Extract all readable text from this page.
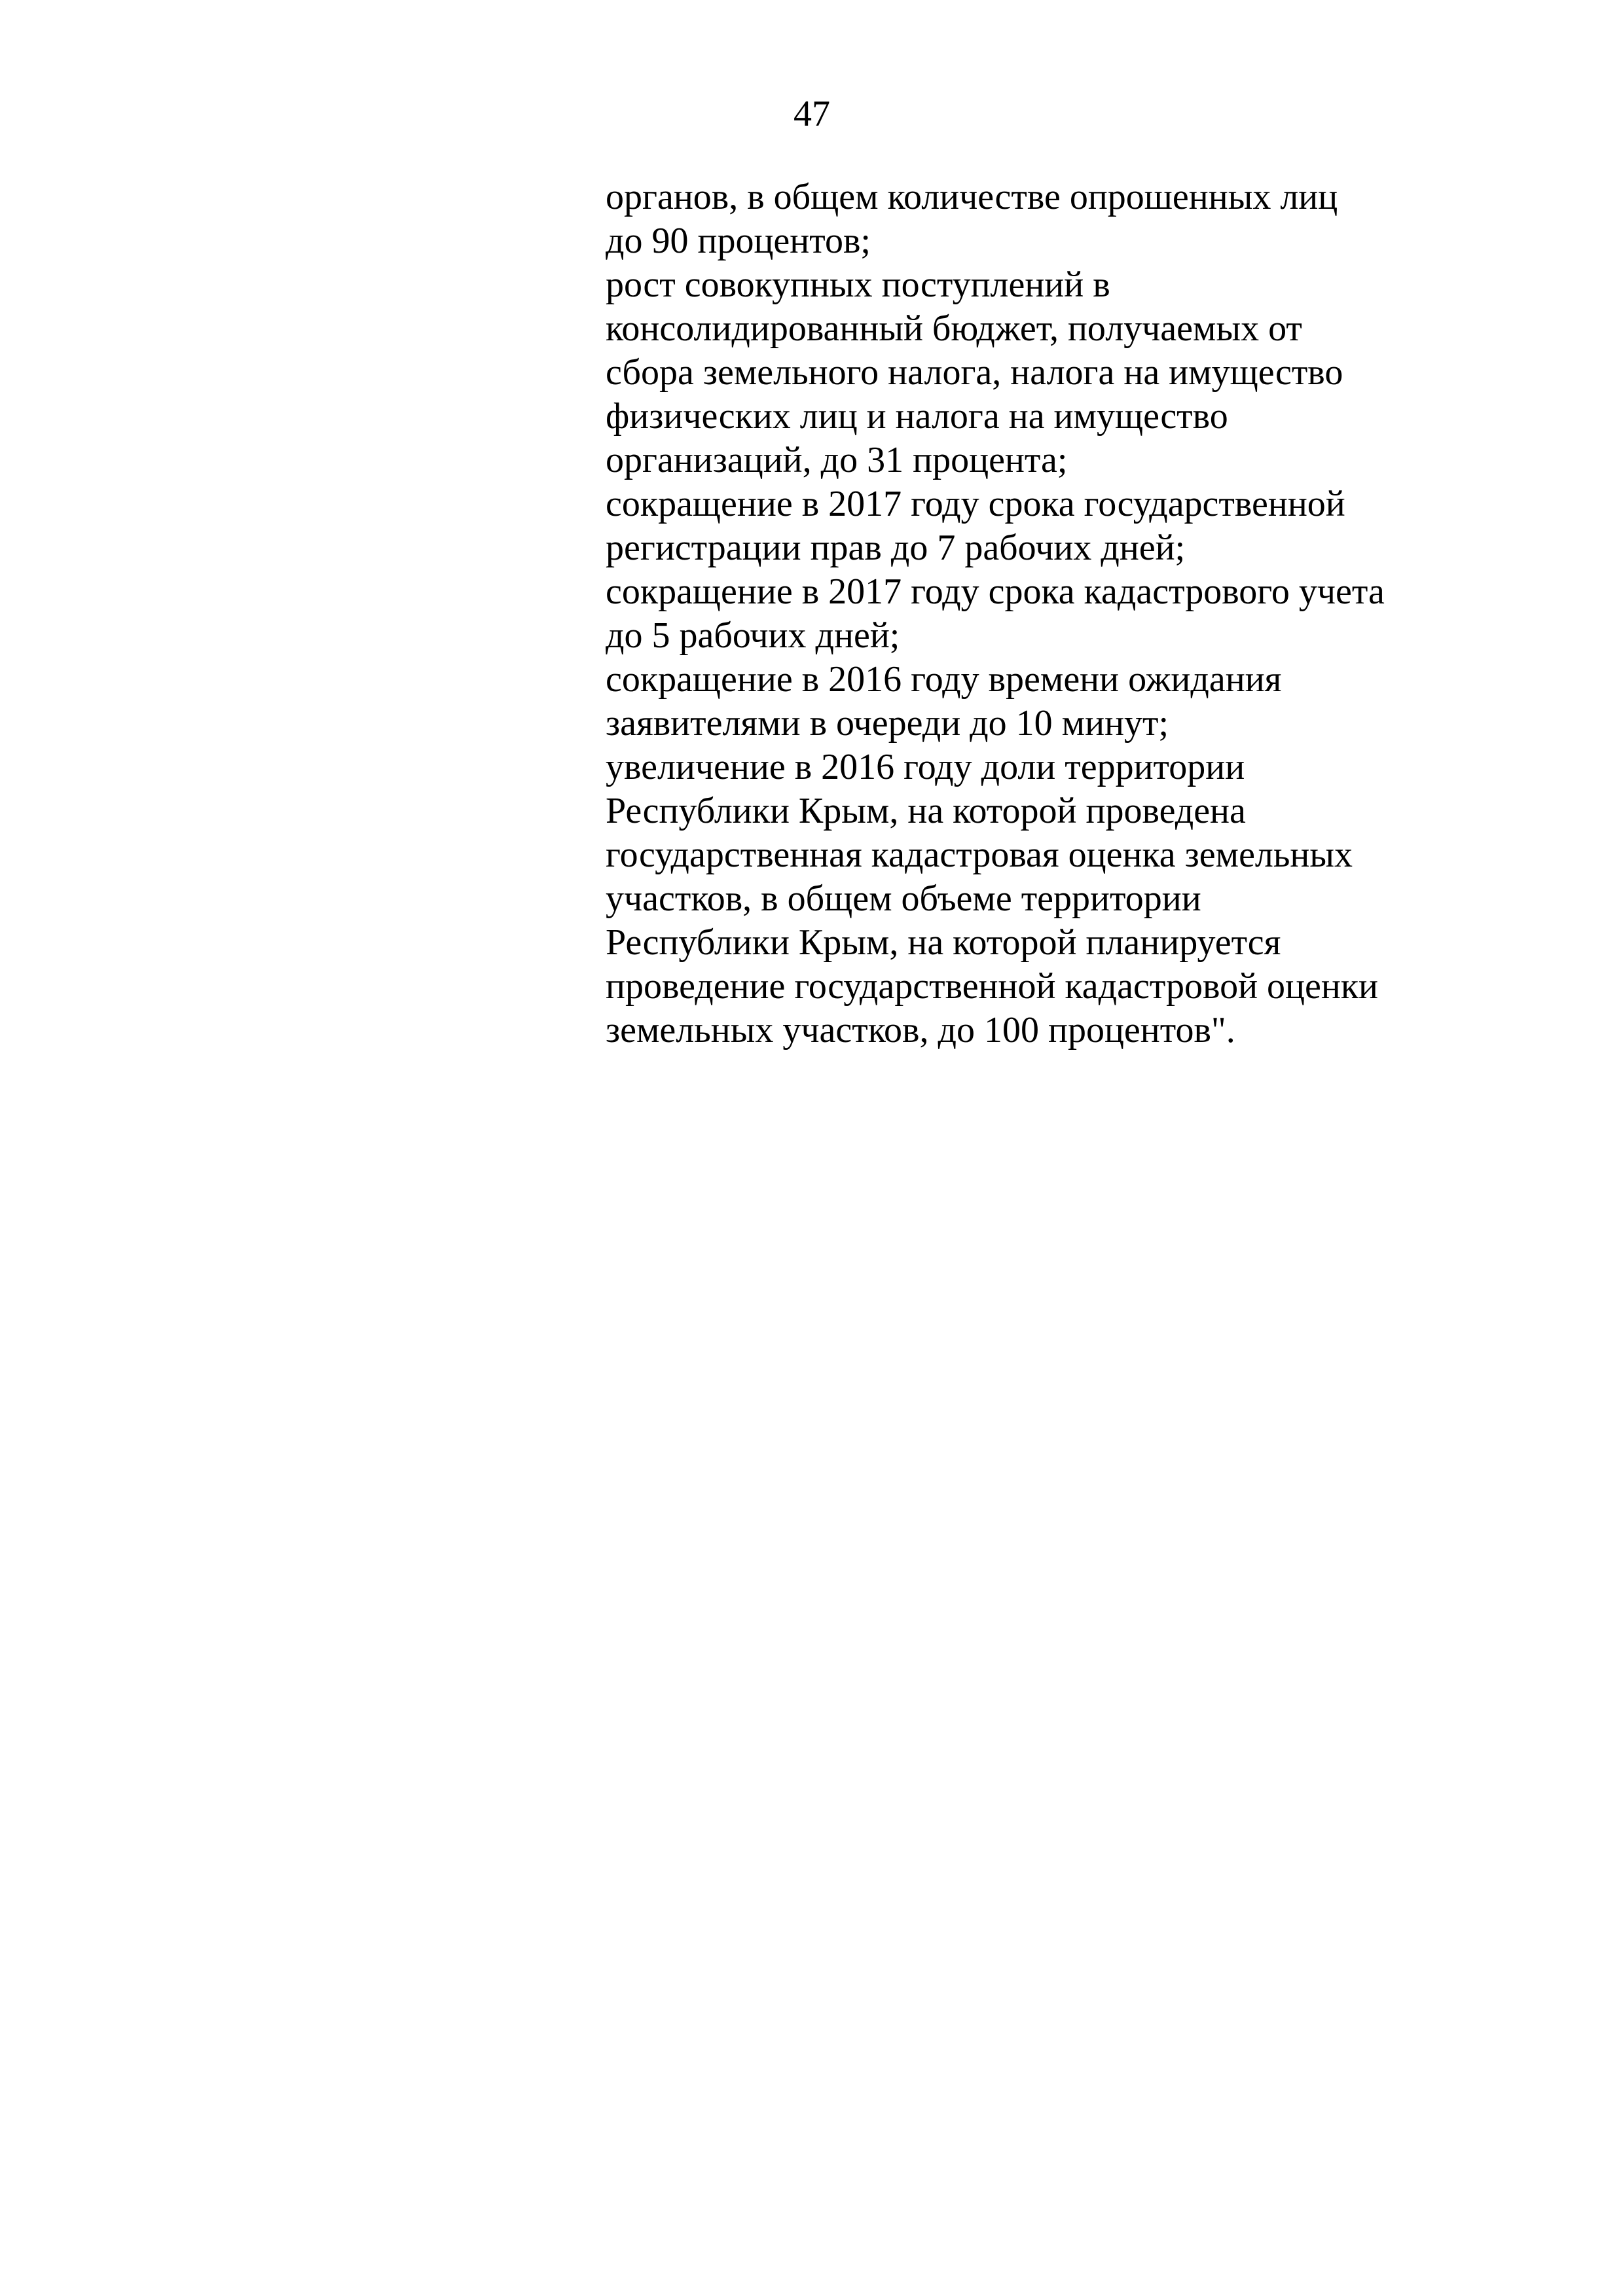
47
органов, в общем количестве опрошенных лиц
до 90 процентов;
рост совокупных поступлений в
консолидированный бюджет, получаемых от
сбора земельного налога, налога на имущество
физических лиц и налога на имущество
организаций, до 31 процента;
сокращение в 2017 году срока государственной
регистрации прав до 7 рабочих дней;
сокращение в 2017 году срока кадастрового учета
до 5 рабочих дней;
сокращение в 2016 году времени ожидания
заявителями в очереди до 10 минут;
увеличение в 2016 году доли территории
Республики Крым, на которой проведена
государственная кадастровая оценка земельных
участков, в общем объеме территории
Республики Крым, на которой планируется
проведение государственной кадастровой оценки
земельных участков, до 100 процентов".
